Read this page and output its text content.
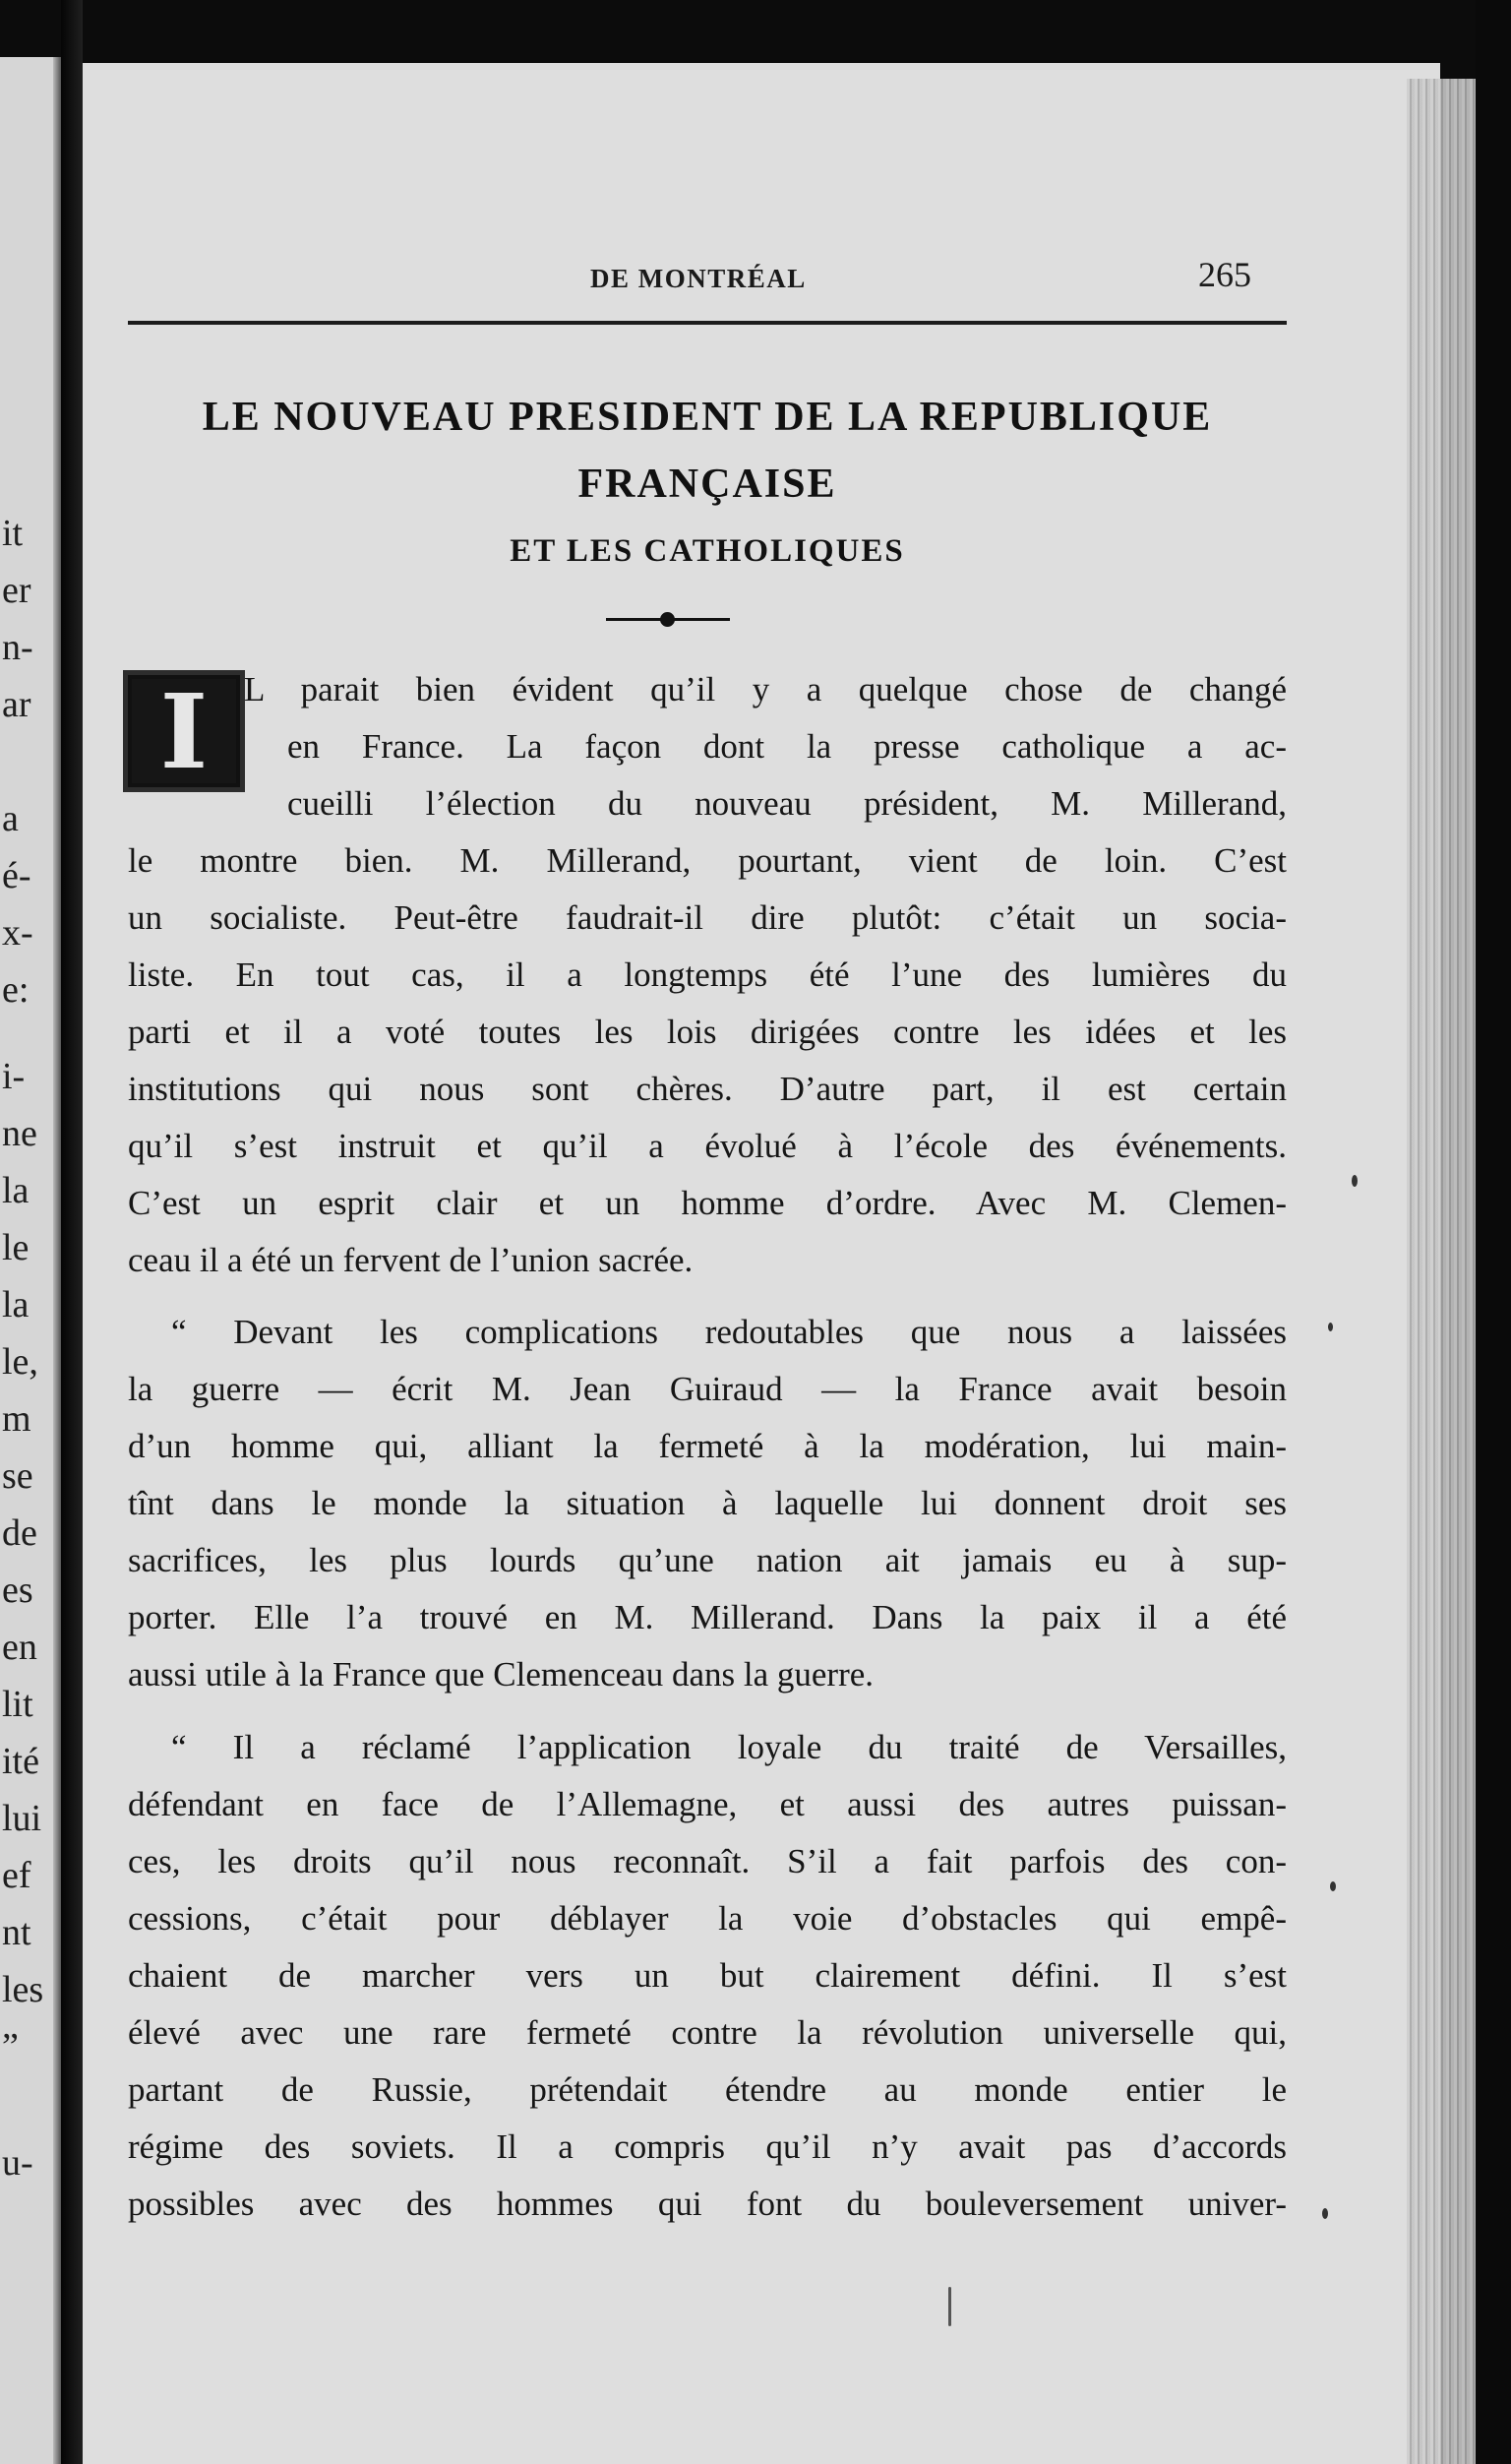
it
er
n-
ar
a
é-
x-
e:
i-
ne
la
le
la
le,
m
se
de
es
en
lit
ité
lui
ef
nt
les
”
u-
DE MONTRÉAL	265
LE NOUVEAU PRESIDENT DE LA REPUBLIQUE
FRANÇAISE
ET LES CATHOLIQUES
I	L parait bien évident qu’il y a quelque chose de changé
en France. La façon dont la presse catholique a ac-
cueilli l’élection du nouveau président, M. Millerand,
le montre bien. M. Millerand, pourtant, vient de loin. C’est
un socialiste. Peut-être faudrait-il dire plutôt: c’était un socia-
liste. En tout cas, il a longtemps été l’une des lumières du
parti et il a voté toutes les lois dirigées contre les idées et les
institutions qui nous sont chères. D’autre part, il est certain
qu’il s’est instruit et qu’il a évolué à l’école des événements.
C’est un esprit clair et un homme d’ordre. Avec M. Clemen-
ceau il a été un fervent de l’union sacrée.
“ Devant les complications redoutables que nous a laissées
la guerre — écrit M. Jean Guiraud — la France avait besoin
d’un homme qui, alliant la fermeté à la modération, lui main-
tînt dans le monde la situation à laquelle lui donnent droit ses
sacrifices, les plus lourds qu’une nation ait jamais eu à sup-
porter. Elle l’a trouvé en M. Millerand. Dans la paix il a été
aussi utile à la France que Clemenceau dans la guerre.
“ Il a réclamé l’application loyale du traité de Versailles,
défendant en face de l’Allemagne, et aussi des autres puissan-
ces, les droits qu’il nous reconnaît. S’il a fait parfois des con-
cessions, c’était pour déblayer la voie d’obstacles qui empê-
chaient de marcher vers un but clairement défini. Il s’est
élevé avec une rare fermeté contre la révolution universelle qui,
partant de Russie, prétendait étendre au monde entier le
régime des soviets. Il a compris qu’il n’y avait pas d’accords
possibles avec des hommes qui font du bouleversement univer-
